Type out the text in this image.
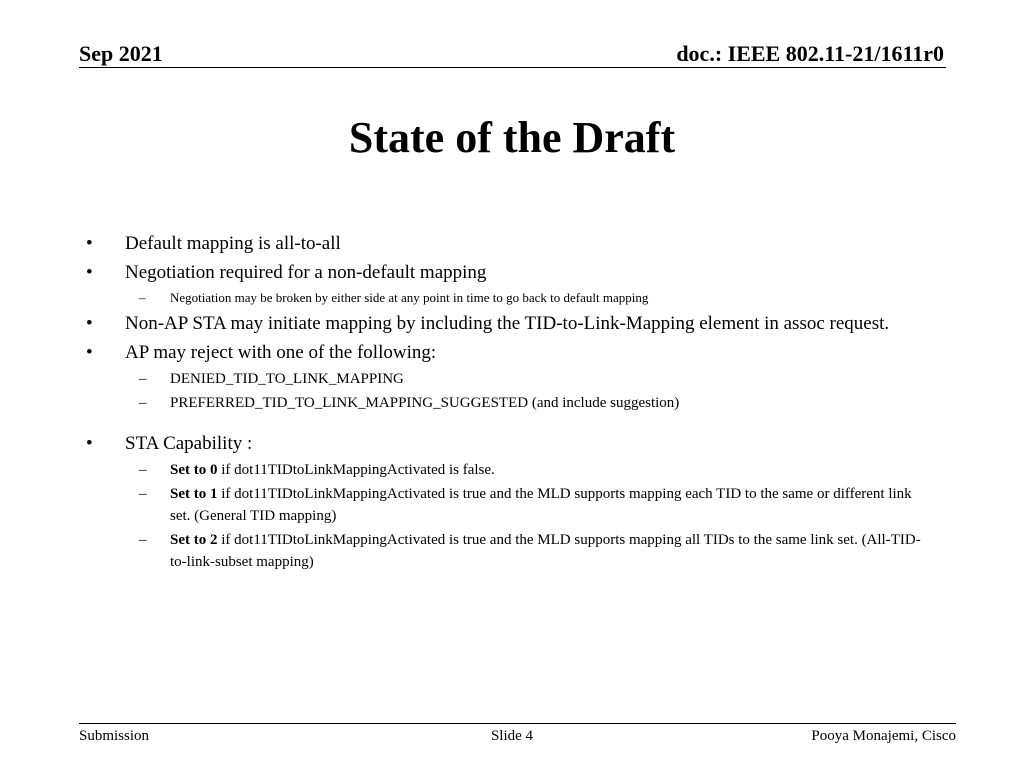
Sep 2021	doc.: IEEE 802.11-21/1611r0
State of the Draft
• Default mapping is all-to-all
• Negotiation required for a non-default mapping
– Negotiation may be broken by either side at any point in time to go back to default mapping
• Non-AP STA may initiate mapping by including the TID-to-Link-Mapping element in assoc request.
• AP may reject with one of the following:
– DENIED_TID_TO_LINK_MAPPING
– PREFERRED_TID_TO_LINK_MAPPING_SUGGESTED (and include suggestion)
• STA Capability :
– Set to 0 if dot11TIDtoLinkMappingActivated is false.
– Set to 1 if dot11TIDtoLinkMappingActivated is true and the MLD supports mapping each TID to the same or different link set. (General TID mapping)
– Set to 2 if dot11TIDtoLinkMappingActivated is true and the MLD supports mapping all TIDs to the same link set. (All-TID-to-link-subset mapping)
Submission	Slide 4	Pooya Monajemi, Cisco
